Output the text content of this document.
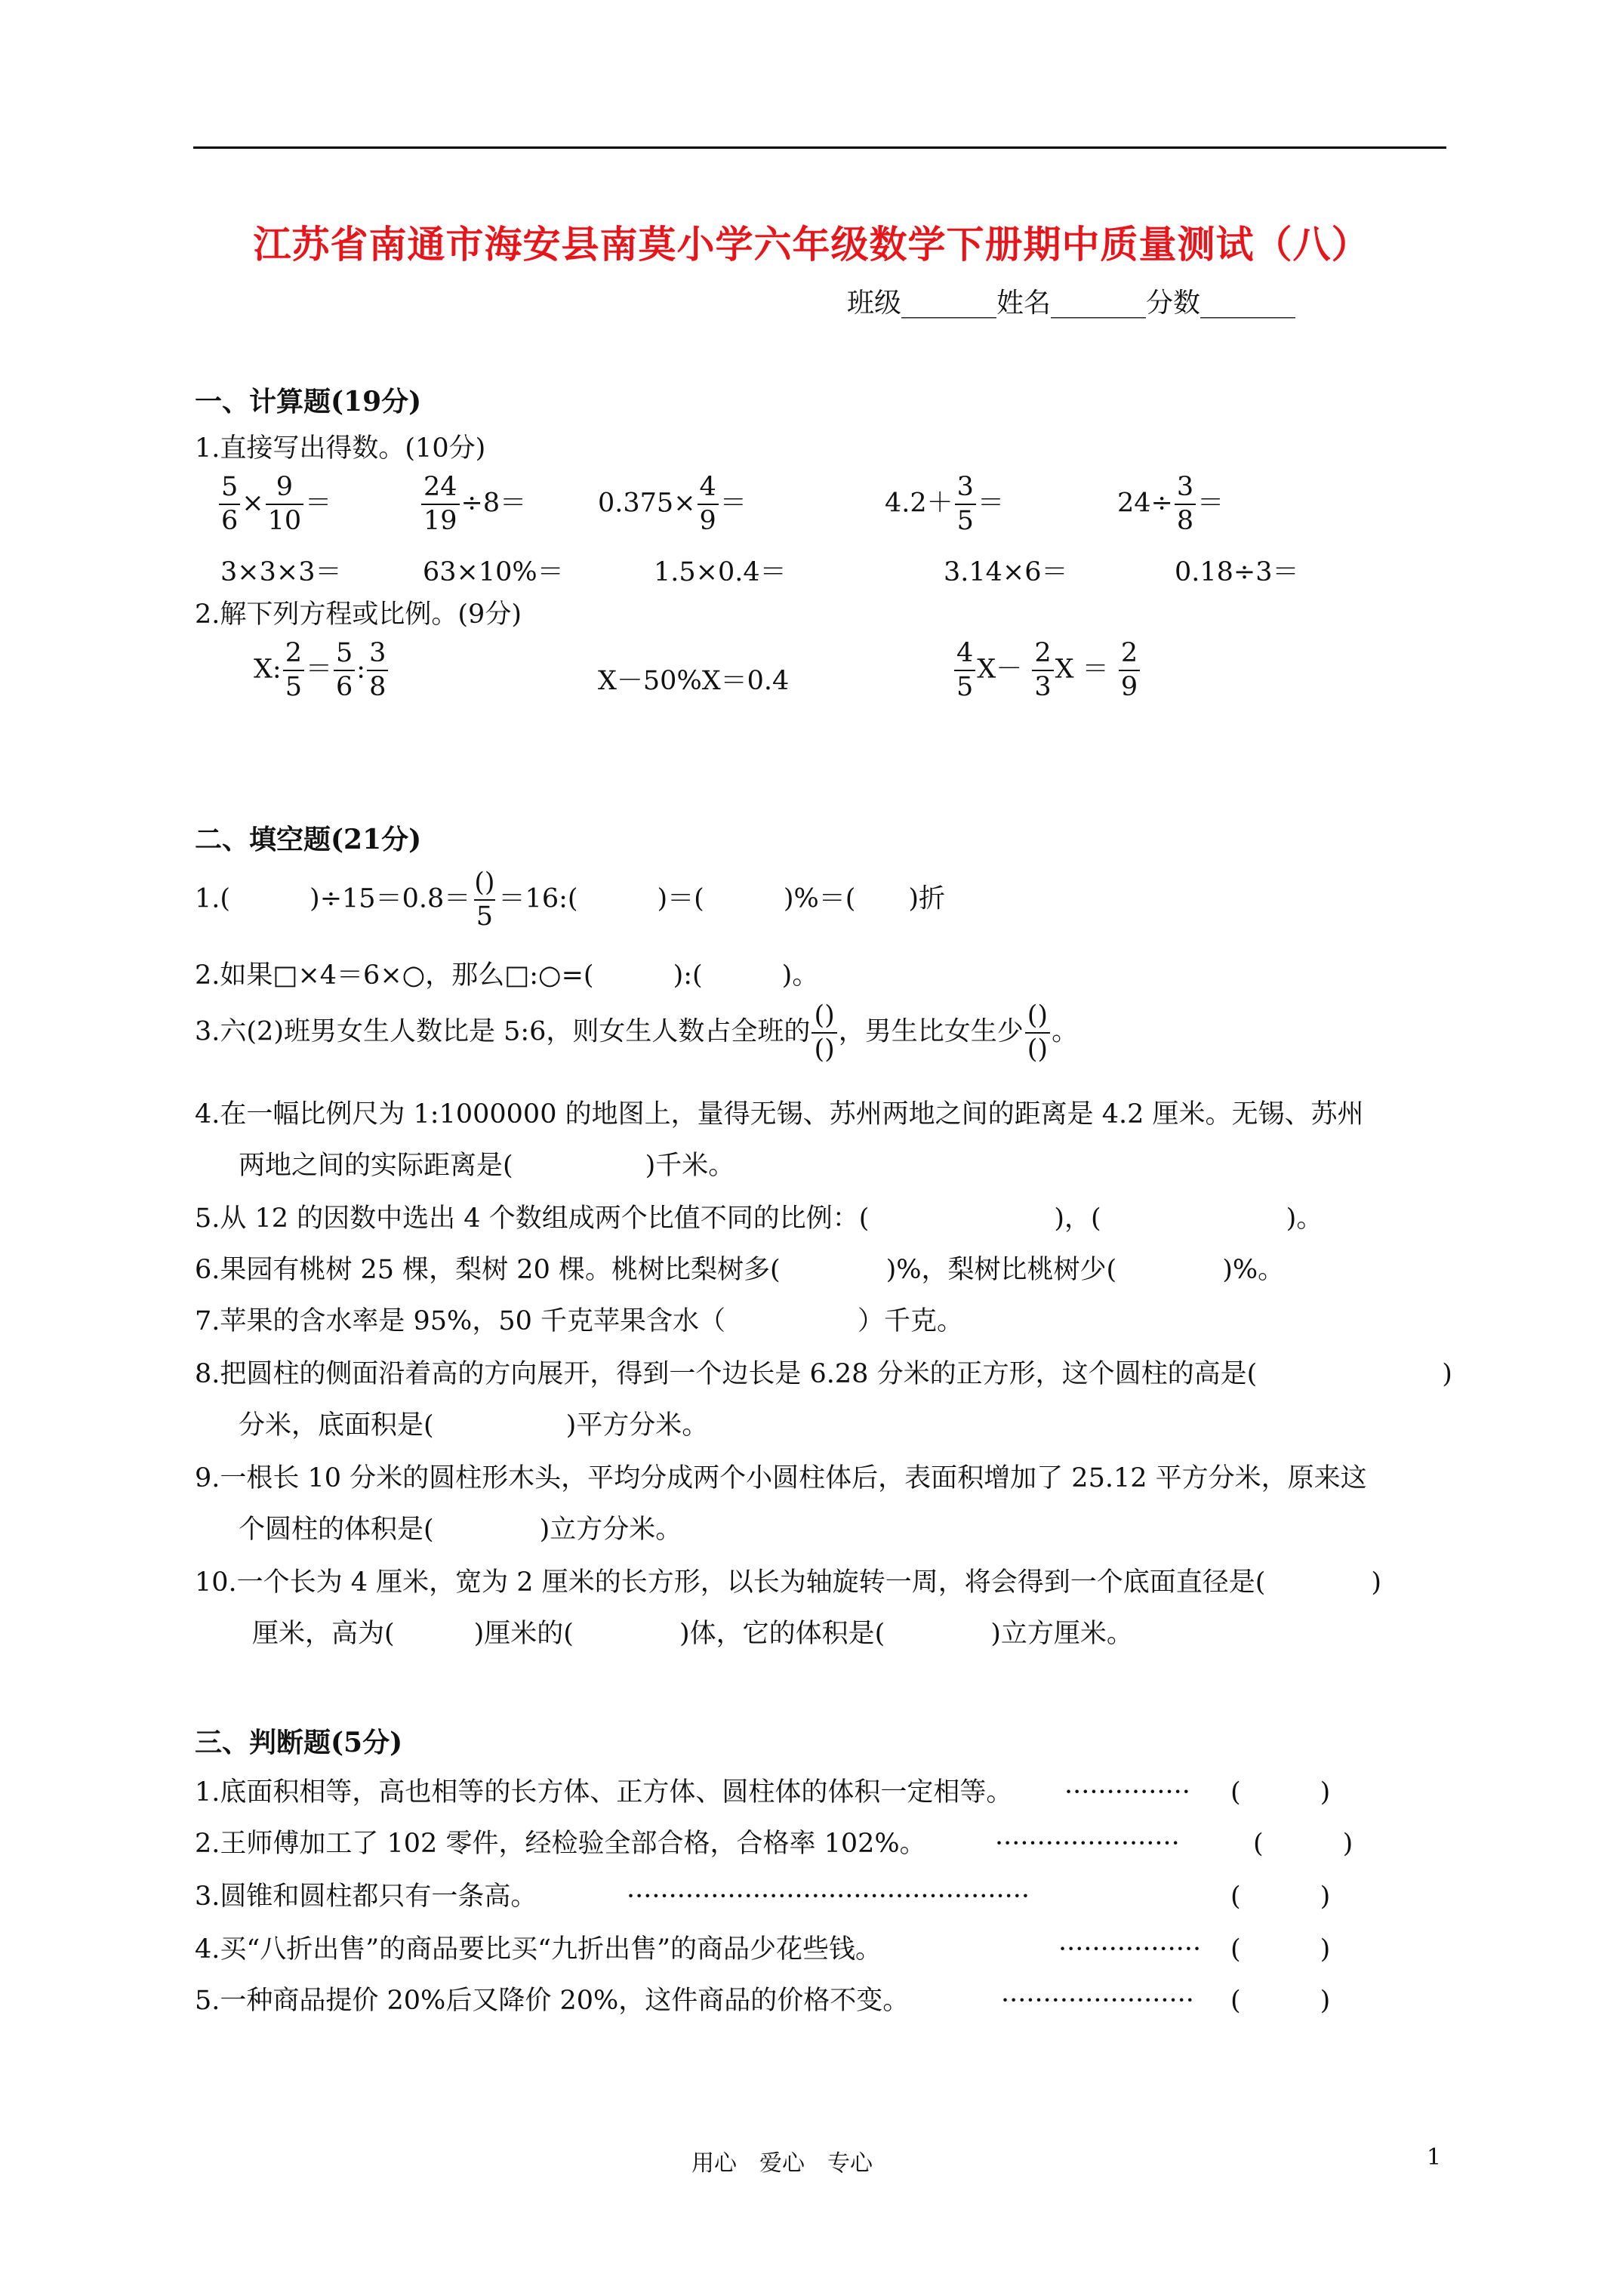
江苏省南通市海安县南莫小学六年级数学下册期中质量测试（八）
班级_______姓名_______分数_______
一、计算题(19分)
1.直接写出得数。(10分)
$\frac{5}{6} \times \frac{9}{10}$ ＝	$\frac{24}{19} \div 8=$	$0.375\times \frac{4}{9}$ ＝	$4.2+ \frac{3}{5}$ ＝	$24\div \frac{3}{8}$ ＝
3×3×3＝	63×10%＝	1.5×0.4＝	3.14×6＝	0.18÷3＝
2.解下列方程或比例。(9分)
X: $\frac{2}{5} = \frac{5}{6}$ : $\frac{3}{8}$	X－50%X＝0.4	$\frac{4}{5} X- \frac{2}{3}$ $X = \frac{2}{9}$
二、填空题(21分)
1.(　　　)$\div 15=0.8= \frac{()}{5}$ ＝16:(　　　)＝(　　　)%＝(　　)折
2.如果□×4＝6×○，那么□:○=(　　　):(　　　)。
3.六(2)班男女生人数比是 5:6，则女生人数占全班的 $\frac{()}{()}$ ，男生比女生少 $\frac{()}{()}$ 。
4.在一幅比例尺为 1:1000000 的地图上，量得无锡、苏州两地之间的距离是 4.2 厘米。无锡、苏州
两地之间的实际距离是(　　　　　)千米。
5.从 12 的因数中选出 4 个数组成两个比值不同的比例：(　　　　　　　)，(　　　　　　　)。
6.果园有桃树 25 棵，梨树 20 棵。桃树比梨树多(　　　　)%，梨树比桃树少(　　　　)%。
7.苹果的含水率是 95%，50 千克苹果含水（　　　　　）千克。
8.把圆柱的侧面沿着高的方向展开，得到一个边长是 6.28 分米的正方形，这个圆柱的高是(　　　　　　　)
分米，底面积是(　　　　　)平方分米。
9.一根长 10 分米的圆柱形木头，平均分成两个小圆柱体后，表面积增加了 25.12 平方分米，原来这
个圆柱的体积是(　　　　)立方分米。
10.一个长为 4 厘米，宽为 2 厘米的长方形，以长为轴旋转一周，将会得到一个底面直径是(　　　　)
厘米，高为(　　　)厘米的(　　　　)体，它的体积是(　　　　)立方厘米。
三、判断题(5分)
1.底面积相等，高也相等的长方体、正方体、圆柱体的体积一定相等。 ··············· (　　　)
2.王师傅加工了 102 零件，经检验全部合格，合格率 102%。	······················	(　　　)
3.圆锥和圆柱都只有一条高。	················································	(　　　)
4.买“八折出售”的商品要比买“九折出售”的商品少花些钱。	················· (　　　)
5.一种商品提价 20%后又降价 20%，这件商品的价格不变。	······················· (　　　)
用心　爱心　专心	1
